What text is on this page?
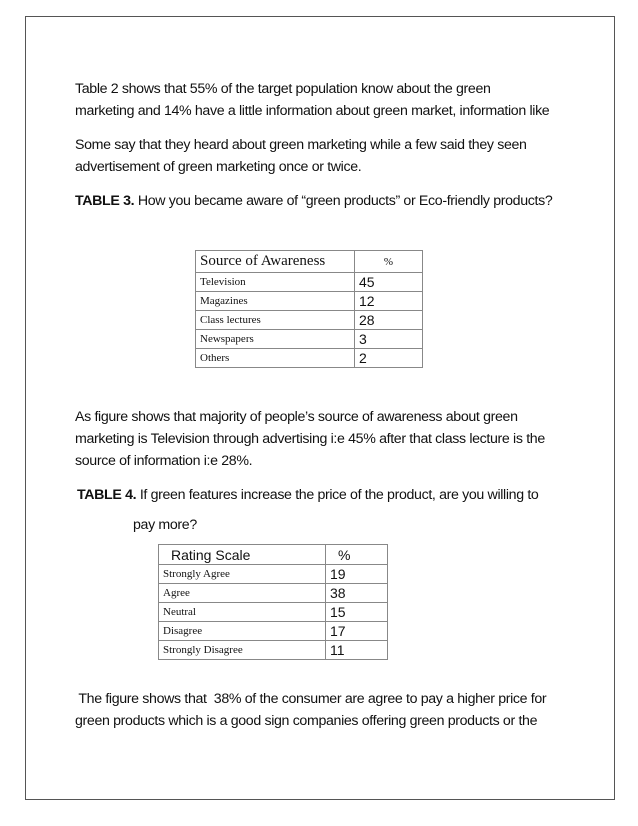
Table 2 shows that 55% of the target population know about the green
marketing and 14% have a little information about green market, information like

Some say that they heard about green marketing while a few said they seen
advertisement of green marketing once or twice.

TABLE 3. How you became aware of “green products” or Eco-friendly products?

Source of Awareness	%
Television	45
Magazines	12
Class lectures	28
Newspapers	3
Others	2

As figure shows that majority of people’s source of awareness about green
marketing is Television through advertising i:e 45% after that class lecture is the
source of information i:e 28%.

TABLE 4. If green features increase the price of the product, are you willing to

pay more?

Rating Scale	%
Strongly Agree	19
Agree	38
Neutral	15
Disagree	17
Strongly Disagree	11

The figure shows that  38% of the consumer are agree to pay a higher price for
green products which is a good sign companies offering green products or the
